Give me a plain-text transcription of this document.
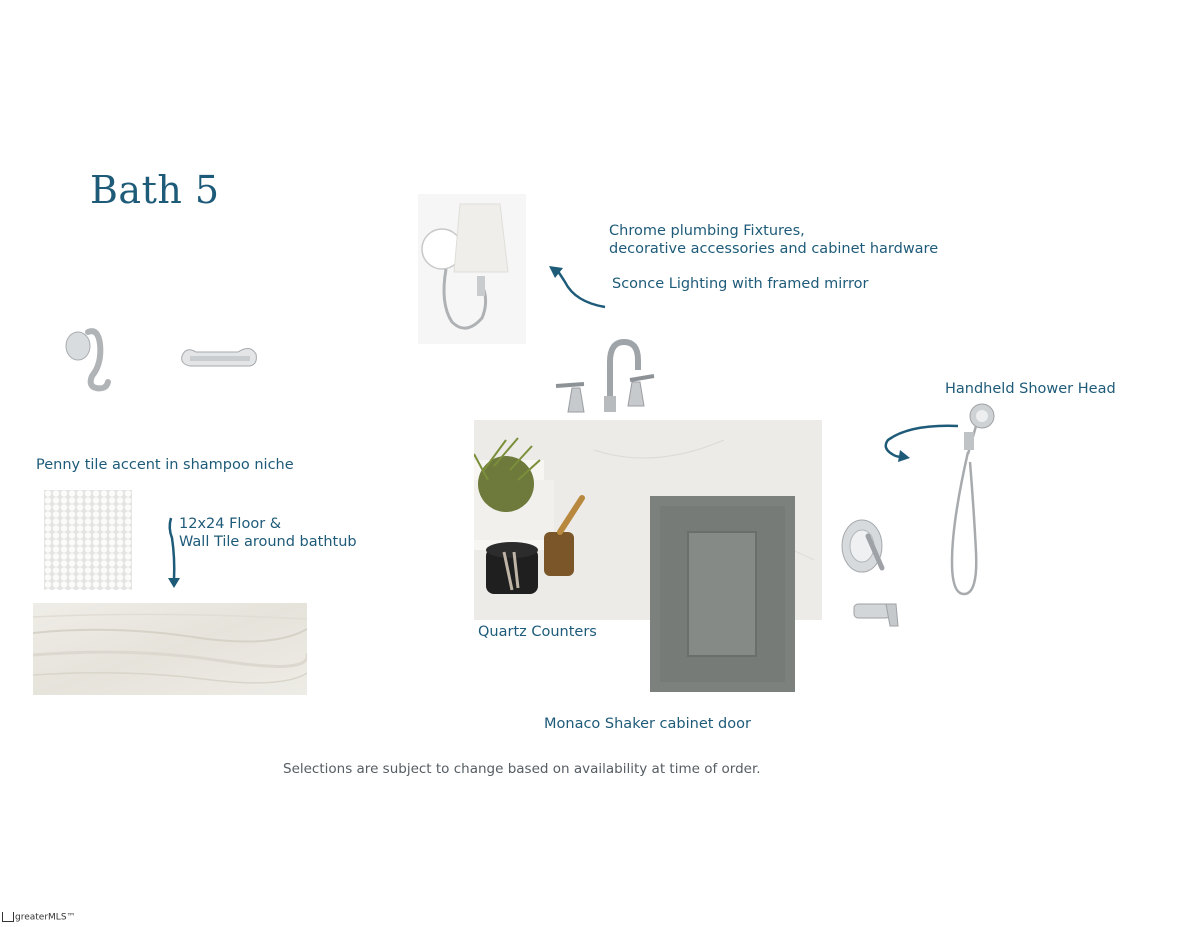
Bath 5
Chrome plumbing Fixtures,
decorative accessories and cabinet hardware
Sconce Lighting with framed mirror
Penny tile accent in shampoo niche
12x24 Floor &
Wall Tile around bathtub
Quartz Counters
Monaco Shaker cabinet door
Handheld Shower Head
Selections are subject to change based on availability at time of order.
greaterMLS™
